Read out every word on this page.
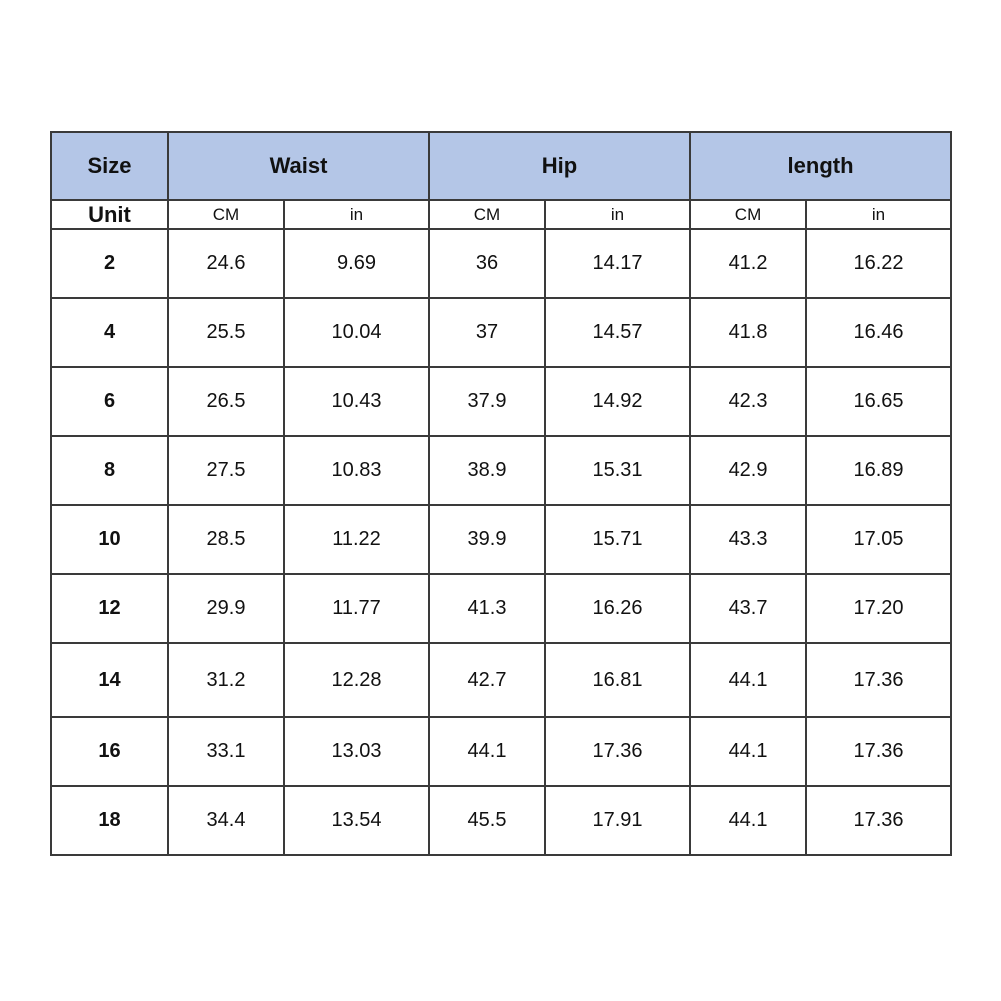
Size	Waist		Hip		length	
Unit	CM	in	CM	in	CM	in
2	24.6	9.69	36	14.17	41.2	16.22
4	25.5	10.04	37	14.57	41.8	16.46
6	26.5	10.43	37.9	14.92	42.3	16.65
8	27.5	10.83	38.9	15.31	42.9	16.89
10	28.5	11.22	39.9	15.71	43.3	17.05
12	29.9	11.77	41.3	16.26	43.7	17.20
14	31.2	12.28	42.7	16.81	44.1	17.36
16	33.1	13.03	44.1	17.36	44.1	17.36
18	34.4	13.54	45.5	17.91	44.1	17.36
